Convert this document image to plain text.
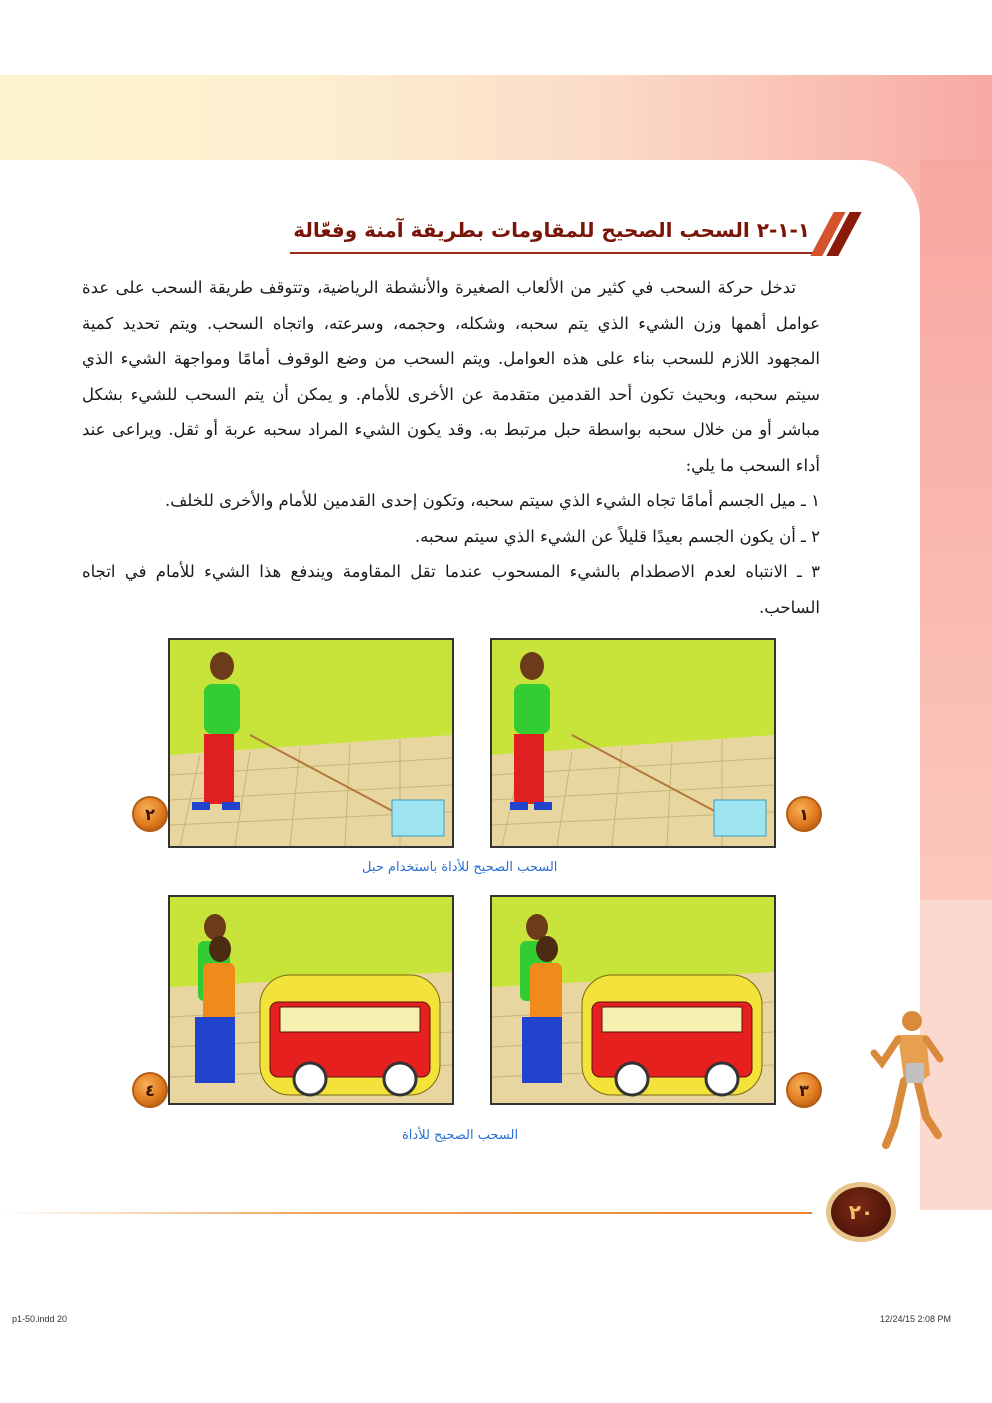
١-١-٢ السحب الصحيح للمقاومات بطريقة آمنة وفعّالة

تدخل حركة السحب في كثير من الألعاب الصغيرة والأنشطة الرياضية، وتتوقف طريقة السحب على عدة عوامل أهمها وزن الشيء الذي يتم سحبه، وشكله، وحجمه، وسرعته، واتجاه السحب. ويتم تحديد كمية المجهود اللازم للسحب بناء على هذه العوامل. ويتم السحب من وضع الوقوف أمامًا ومواجهة الشيء الذي سيتم سحبه، وبحيث تكون أحد القدمين متقدمة عن الأخرى للأمام. و يمكن أن يتم السحب للشيء بشكل مباشر أو من خلال سحبه بواسطة حبل مرتبط به. وقد يكون الشيء المراد سحبه عربة أو ثقل. ويراعى عند أداء السحب ما يلي:

١ ـ ميل الجسم أمامًا تجاه الشيء الذي سيتم سحبه، وتكون إحدى القدمين للأمام والأخرى للخلف.

٢ ـ أن يكون الجسم بعيدًا قليلاً عن الشيء الذي سيتم سحبه.

٣ ـ الانتباه لعدم الاصطدام بالشيء المسحوب عندما تقل المقاومة ويندفع هذا الشيء للأمام في اتجاه الساحب.

١
٢
السحب الصحيح للأداة باستخدام حبل
٣
٤
السحب الصحيح للأداة
٢٠
p1-50.indd 20	12/24/15 2:08 PM
